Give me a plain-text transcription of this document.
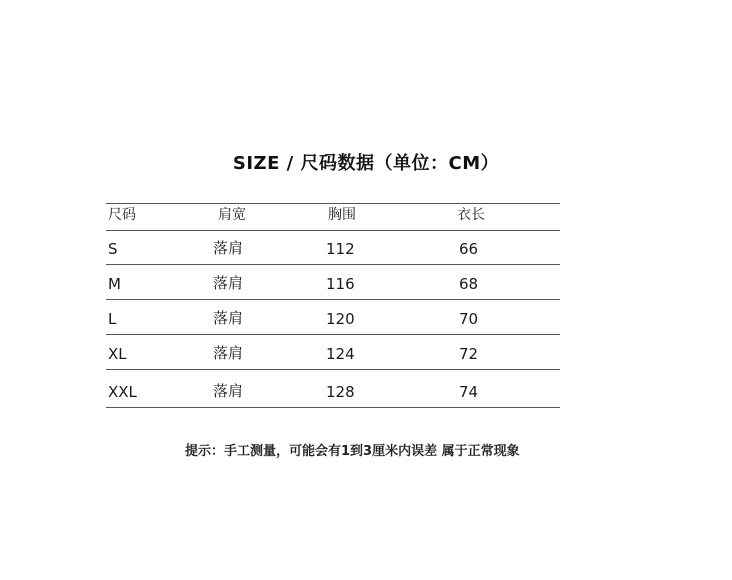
SIZE / 尺码数据（单位：CM）
尺码	肩宽	胸围	衣长
S	落肩	112	66
M	落肩	116	68
L	落肩	120	70
XL	落肩	124	72
XXL	落肩	128	74
提示：手工测量，可能会有1到3厘米内误差 属于正常现象
